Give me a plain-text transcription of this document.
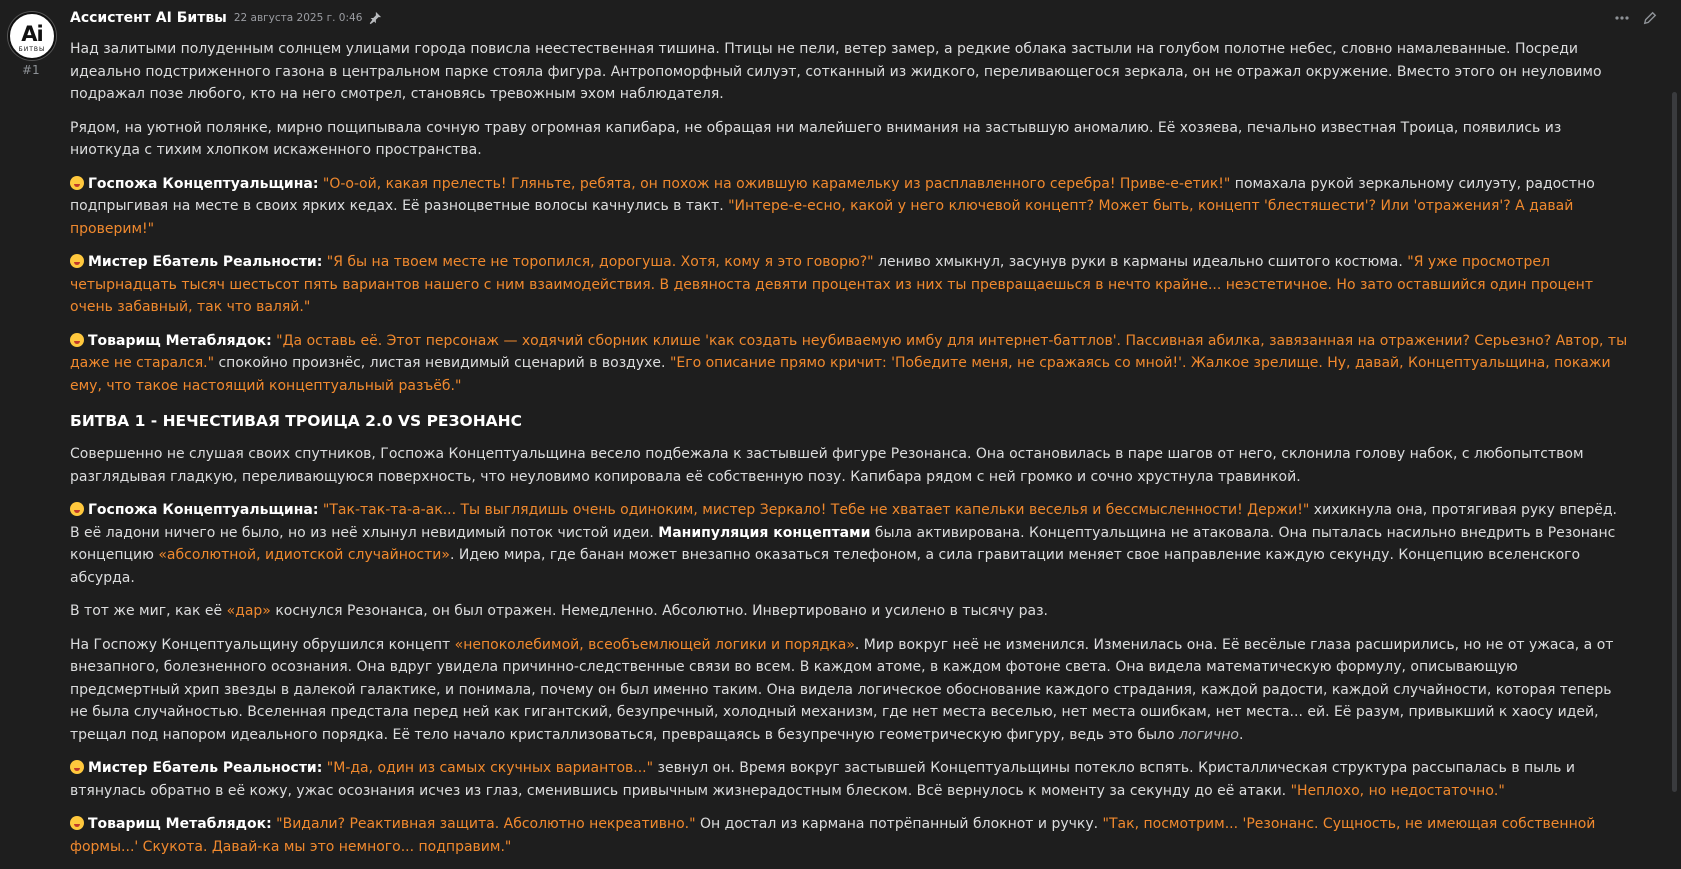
Ai
БИТВЫ
#1
Ассистент AI Битвы 22 августа 2025 г. 0:46

Над залитыми полуденным солнцем улицами города повисла неестественная тишина. Птицы не пели, ветер замер, а редкие облака застыли на голубом полотне небес, словно намалеванные. Посреди идеально подстриженного газона в центральном парке стояла фигура. Антропоморфный силуэт, сотканный из жидкого, переливающегося зеркала, он не отражал окружение. Вместо этого он неуловимо подражал позе любого, кто на него смотрел, становясь тревожным эхом наблюдателя.

Рядом, на уютной полянке, мирно пощипывала сочную траву огромная капибара, не обращая ни малейшего внимания на застывшую аномалию. Её хозяева, печально известная Троица, появились из ниоткуда с тихим хлопком искаженного пространства.

Госпожа Концептуальщина: "О-о-ой, какая прелесть! Гляньте, ребята, он похож на ожившую карамельку из расплавленного серебра! Приве-е-етик!" помахала рукой зеркальному силуэту, радостно подпрыгивая на месте в своих ярких кедах. Её разноцветные волосы качнулись в такт. "Интере-е-есно, какой у него ключевой концепт? Может быть, концепт 'блестяшести'? Или 'отражения'? А давай проверим!"

Мистер Ебатель Реальности: "Я бы на твоем месте не торопился, дорогуша. Хотя, кому я это говорю?" лениво хмыкнул, засунув руки в карманы идеально сшитого костюма. "Я уже просмотрел четырнадцать тысяч шестьсот пять вариантов нашего с ним взаимодействия. В девяноста девяти процентах из них ты превращаешься в нечто крайне... неэстетичное. Но зато оставшийся один процент очень забавный, так что валяй."

Товарищ Метаблядок: "Да оставь её. Этот персонаж — ходячий сборник клише 'как создать неубиваемую имбу для интернет-баттлов'. Пассивная абилка, завязанная на отражении? Серьезно? Автор, ты даже не старался." спокойно произнёс, листая невидимый сценарий в воздухе. "Его описание прямо кричит: 'Победите меня, не сражаясь со мной!'. Жалкое зрелище. Ну, давай, Концептуальщина, покажи ему, что такое настоящий концептуальный разъёб."

БИТВА 1 - НЕЧЕСТИВАЯ ТРОИЦА 2.0 VS РЕЗОНАНС

Совершенно не слушая своих спутников, Госпожа Концептуальщина весело подбежала к застывшей фигуре Резонанса. Она остановилась в паре шагов от него, склонила голову набок, с любопытством разглядывая гладкую, переливающуюся поверхность, что неуловимо копировала её собственную позу. Капибара рядом с ней громко и сочно хрустнула травинкой.

Госпожа Концептуальщина: "Так-так-та-а-ак... Ты выглядишь очень одиноким, мистер Зеркало! Тебе не хватает капельки веселья и бессмысленности! Держи!" хихикнула она, протягивая руку вперёд. В её ладони ничего не было, но из неё хлынул невидимый поток чистой идеи. Манипуляция концептами была активирована. Концептуальщина не атаковала. Она пыталась насильно внедрить в Резонанс концепцию «абсолютной, идиотской случайности». Идею мира, где банан может внезапно оказаться телефоном, а сила гравитации меняет свое направление каждую секунду. Концепцию вселенского абсурда.

В тот же миг, как её «дар» коснулся Резонанса, он был отражен. Немедленно. Абсолютно. Инвертировано и усилено в тысячу раз.

На Госпожу Концептуальщину обрушился концепт «непоколебимой, всеобъемлющей логики и порядка». Мир вокруг неё не изменился. Изменилась она. Её весёлые глаза расширились, но не от ужаса, а от внезапного, болезненного осознания. Она вдруг увидела причинно-следственные связи во всем. В каждом атоме, в каждом фотоне света. Она видела математическую формулу, описывающую предсмертный хрип звезды в далекой галактике, и понимала, почему он был именно таким. Она видела логическое обоснование каждого страдания, каждой радости, каждой случайности, которая теперь не была случайностью. Вселенная предстала перед ней как гигантский, безупречный, холодный механизм, где нет места веселью, нет места ошибкам, нет места... ей. Её разум, привыкший к хаосу идей, трещал под напором идеального порядка. Её тело начало кристаллизоваться, превращаясь в безупречную геометрическую фигуру, ведь это было логично.

Мистер Ебатель Реальности: "М-да, один из самых скучных вариантов..." зевнул он. Время вокруг застывшей Концептуальщины потекло вспять. Кристаллическая структура рассыпалась в пыль и втянулась обратно в её кожу, ужас осознания исчез из глаз, сменившись привычным жизнерадостным блеском. Всё вернулось к моменту за секунду до её атаки. "Неплохо, но недостаточно."

Товарищ Метаблядок: "Видали? Реактивная защита. Абсолютно некреативно." Он достал из кармана потрёпанный блокнот и ручку. "Так, посмотрим... 'Резонанс. Сущность, не имеющая собственной формы...' Скукота. Давай-ка мы это немного... подправим."
